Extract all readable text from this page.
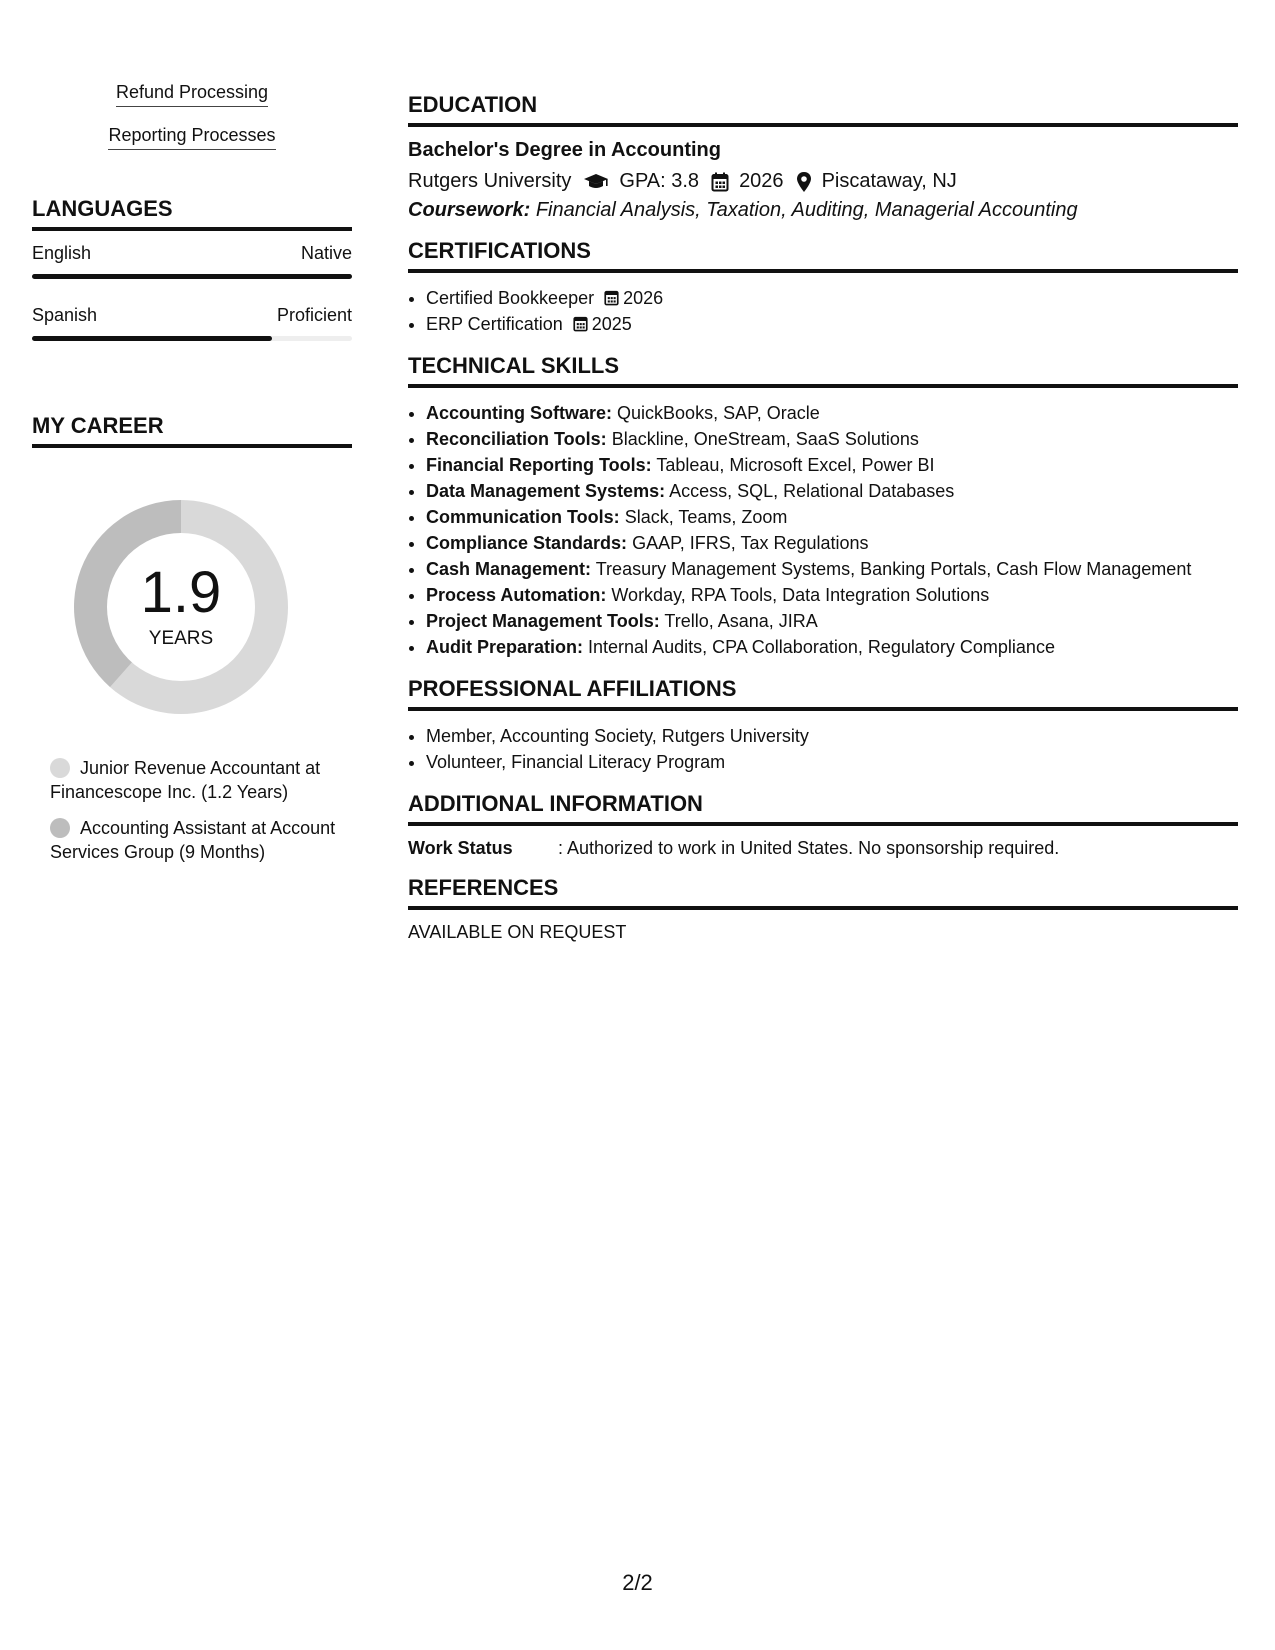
Refund Processing
Reporting Processes
LANGUAGES
English	Native
Spanish	Proficient
MY CAREER
1.9
YEARS
Junior Revenue Accountant at Financescope Inc. (1.2 Years)
Accounting Assistant at Account Services Group (9 Months)
EDUCATION
Bachelor's Degree in Accounting
Rutgers University GPA: 3.8 2026 Piscataway, NJ
Coursework: Financial Analysis, Taxation, Auditing, Managerial Accounting
CERTIFICATIONS
• Certified Bookkeeper 2026
• ERP Certification 2025
TECHNICAL SKILLS
• Accounting Software: QuickBooks, SAP, Oracle
• Reconciliation Tools: Blackline, OneStream, SaaS Solutions
• Financial Reporting Tools: Tableau, Microsoft Excel, Power BI
• Data Management Systems: Access, SQL, Relational Databases
• Communication Tools: Slack, Teams, Zoom
• Compliance Standards: GAAP, IFRS, Tax Regulations
• Cash Management: Treasury Management Systems, Banking Portals, Cash Flow Management
• Process Automation: Workday, RPA Tools, Data Integration Solutions
• Project Management Tools: Trello, Asana, JIRA
• Audit Preparation: Internal Audits, CPA Collaboration, Regulatory Compliance
PROFESSIONAL AFFILIATIONS
• Member, Accounting Society, Rutgers University
• Volunteer, Financial Literacy Program
ADDITIONAL INFORMATION
Work Status	: Authorized to work in United States. No sponsorship required.
REFERENCES
AVAILABLE ON REQUEST
2/2
